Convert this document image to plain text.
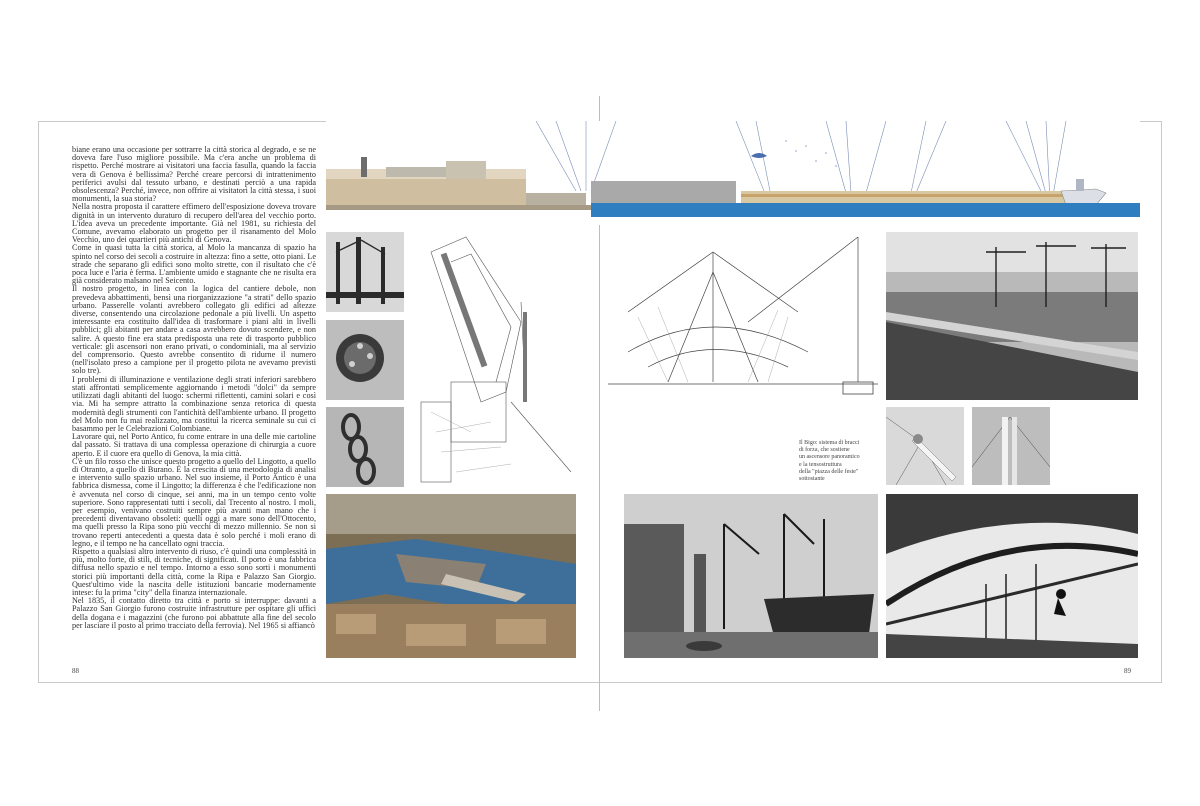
biane erano una occasione per sottrarre la città storica al degrado, e se ne doveva fare l'uso migliore possibile. Ma c'era anche un problema di rispetto. Perché mostrare ai visitatori una faccia fasulla, quando la faccia vera di Genova è bellissima? Perché creare percorsi di intrattenimento periferici avulsi dal tessuto urbano, e destinati perciò a una rapida obsolescenza? Perché, invece, non offrire ai visitatori la città stessa, i suoi monumenti, la sua storia?

Nella nostra proposta il carattere effimero dell'esposizione doveva trovare dignità in un intervento duraturo di recupero dell'area del vecchio porto. L'idea aveva un precedente importante. Già nel 1981, su richiesta del Comune, avevamo elaborato un progetto per il risanamento del Molo Vecchio, uno dei quartieri più antichi di Genova.

Come in quasi tutta la città storica, al Molo la mancanza di spazio ha spinto nel corso dei secoli a costruire in altezza: fino a sette, otto piani. Le strade che separano gli edifici sono molto strette, con il risultato che c'è poca luce e l'aria è ferma. L'ambiente umido e stagnante che ne risulta era già considerato malsano nel Seicento.

Il nostro progetto, in linea con la logica del cantiere debole, non prevedeva abbattimenti, bensì una riorganizzazione "a strati" dello spazio urbano. Passerelle volanti avrebbero collegato gli edifici ad altezze diverse, consentendo una circolazione pedonale a più livelli. Un aspetto interessante era costituito dall'idea di trasformare i piani alti in livelli pubblici; gli abitanti per andare a casa avrebbero dovuto scendere, e non salire. A questo fine era stata predisposta una rete di trasporto pubblico verticale: gli ascensori non erano privati, o condominiali, ma al servizio del comprensorio. Questo avrebbe consentito di ridurne il numero (nell'isolato preso a campione per il progetto pilota ne avevamo previsti solo tre).

I problemi di illuminazione e ventilazione degli strati inferiori sarebbero stati affrontati semplicemente aggiornando i metodi "dolci" da sempre utilizzati dagli abitanti del luogo: schermi riflettenti, camini solari e così via. Mi ha sempre attratto la combinazione senza retorica di questa modernità degli strumenti con l'antichità dell'ambiente urbano. Il progetto del Molo non fu mai realizzato, ma costituì la ricerca seminale su cui ci basammo per le Celebrazioni Colombiane.

Lavorare qui, nel Porto Antico, fu come entrare in una delle mie cartoline dal passato. Si trattava di una complessa operazione di chirurgia a cuore aperto. E il cuore era quello di Genova, la mia città.

C'è un filo rosso che unisce questo progetto a quello del Lingotto, a quello di Otranto, a quello di Burano. È la crescita di una metodologia di analisi e intervento sullo spazio urbano. Nel suo insieme, il Porto Antico è una fabbrica dismessa, come il Lingotto; la differenza è che l'edificazione non è avvenuta nel corso di cinque, sei anni, ma in un tempo cento volte superiore. Sono rappresentati tutti i secoli, dal Trecento al nostro. I moli, per esempio, venivano costruiti sempre più avanti man mano che i precedenti diventavano obsoleti: quelli oggi a mare sono dell'Ottocento, ma quelli presso la Ripa sono più vecchi di mezzo millennio. Se non si trovano reperti antecedenti a questa data è solo perché i moli erano di legno, e il tempo ne ha cancellato ogni traccia.

Rispetto a qualsiasi altro intervento di riuso, c'è quindi una complessità in più, molto forte, di stili, di tecniche, di significati. Il porto è una fabbrica diffusa nello spazio e nel tempo. Intorno a esso sono sorti i monumenti storici più importanti della città, come la Ripa e Palazzo San Giorgio. Quest'ultimo vide la nascita delle istituzioni bancarie modernamente intese: fu la prima "city" della finanza internazionale.

Nel 1835, il contatto diretto tra città e porto si interruppe: davanti a Palazzo San Giorgio furono costruite infrastrutture per ospitare gli uffici della dogana e i magazzini (che furono poi abbattute alla fine del secolo per lasciare il posto al primo tracciato della ferrovia). Nel 1965 si affiancò

88	89

Il Bigo: sistema di bracci

di forza, che sostiene

un ascensore panoramico

e la tensostruttura

della "piazza delle feste"

sottostante
